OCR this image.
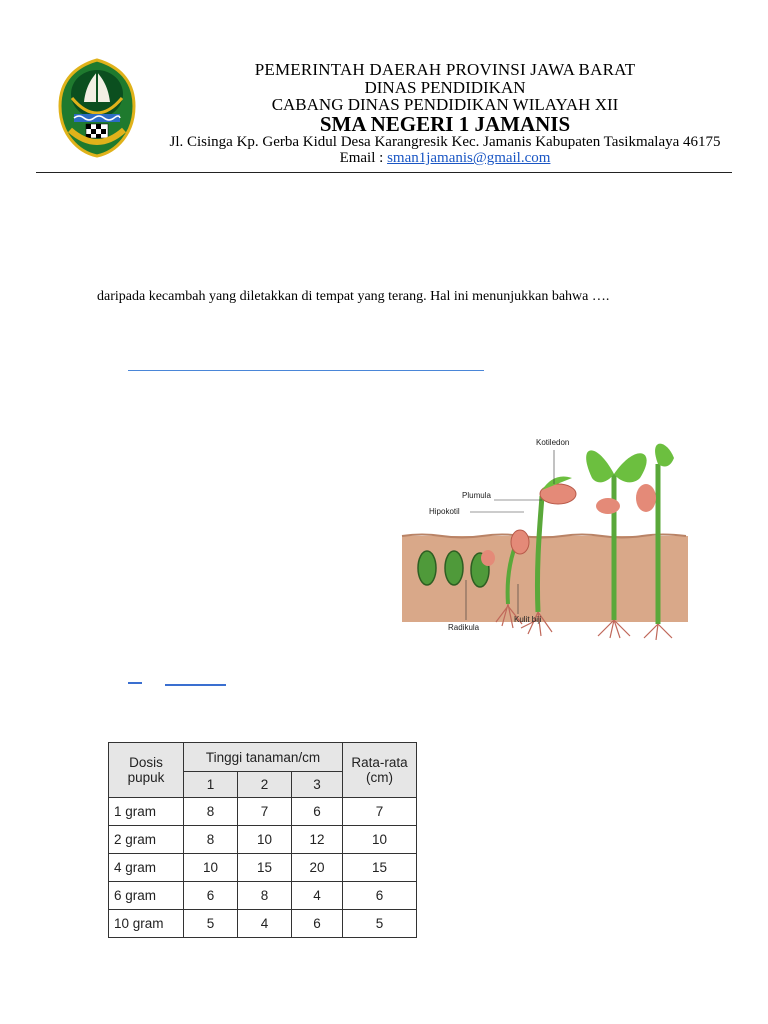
PEMERINTAH DAERAH PROVINSI JAWA BARAT
DINAS PENDIDIKAN
CABANG DINAS PENDIDIKAN WILAYAH XII
SMA NEGERI 1 JAMANIS
Jl. Cisinga Kp. Gerba Kidul Desa Karangresik Kec. Jamanis Kabupaten Tasikmalaya 46175
Email : sman1jamanis@gmail.com
daripada kecambah yang diletakkan di tempat yang terang. Hal ini menunjukkan bahwa ….
Kotiledon
Plumula
Hipokotil
Radikula
Kulit biji
Dosis pupuk	Tinggi tanaman/cm			Rata-rata (cm)
	1	2	3	
1 gram	8	7	6	7
2 gram	8	10	12	10
4 gram	10	15	20	15
6 gram	6	8	4	6
10 gram	5	4	6	5
